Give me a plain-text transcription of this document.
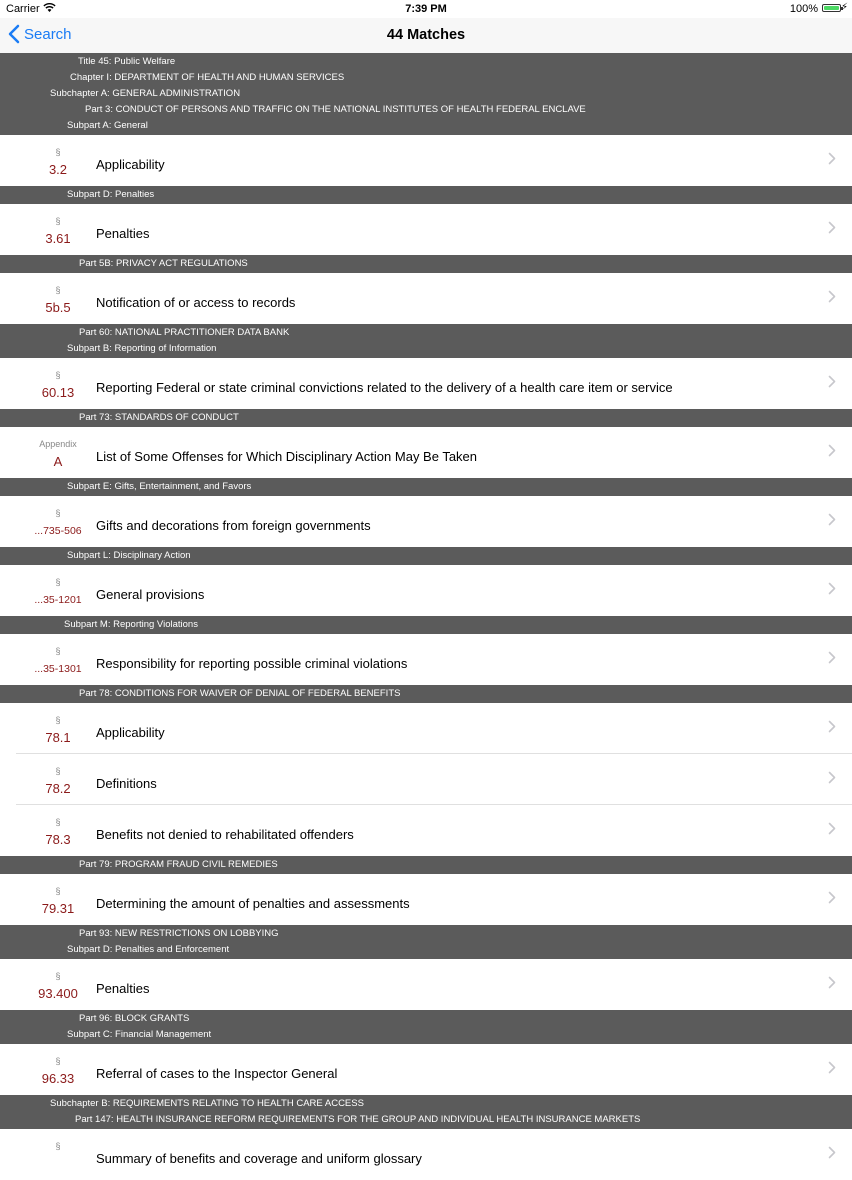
Carrier	7:39 PM	100% ⚡
Search	44 Matches
Title 45: Public Welfare
Chapter I: DEPARTMENT OF HEALTH AND HUMAN SERVICES
Subchapter A: GENERAL ADMINISTRATION
Part 3: CONDUCT OF PERSONS AND TRAFFIC ON THE NATIONAL INSTITUTES OF HEALTH FEDERAL ENCLAVE
Subpart A: General
§
3.2	Applicability
Subpart D: Penalties
§
3.61	Penalties
Part 5B: PRIVACY ACT REGULATIONS
§
5b.5	Notification of or access to records
Part 60: NATIONAL PRACTITIONER DATA BANK
Subpart B: Reporting of Information
§
60.13	Reporting Federal or state criminal convictions related to the delivery of a health care item or service
Part 73: STANDARDS OF CONDUCT
Appendix
A	List of Some Offenses for Which Disciplinary Action May Be Taken
Subpart E: Gifts, Entertainment, and Favors
§
...735-506	Gifts and decorations from foreign governments
Subpart L: Disciplinary Action
§
...35-1201	General provisions
Subpart M: Reporting Violations
§
...35-1301	Responsibility for reporting possible criminal violations
Part 78: CONDITIONS FOR WAIVER OF DENIAL OF FEDERAL BENEFITS
§
78.1	Applicability
§
78.2	Definitions
§
78.3	Benefits not denied to rehabilitated offenders
Part 79: PROGRAM FRAUD CIVIL REMEDIES
§
79.31	Determining the amount of penalties and assessments
Part 93: NEW RESTRICTIONS ON LOBBYING
Subpart D: Penalties and Enforcement
§
93.400	Penalties
Part 96: BLOCK GRANTS
Subpart C: Financial Management
§
96.33	Referral of cases to the Inspector General
Subchapter B: REQUIREMENTS RELATING TO HEALTH CARE ACCESS
Part 147: HEALTH INSURANCE REFORM REQUIREMENTS FOR THE GROUP AND INDIVIDUAL HEALTH INSURANCE MARKETS
§
Summary of benefits and coverage and uniform glossary
